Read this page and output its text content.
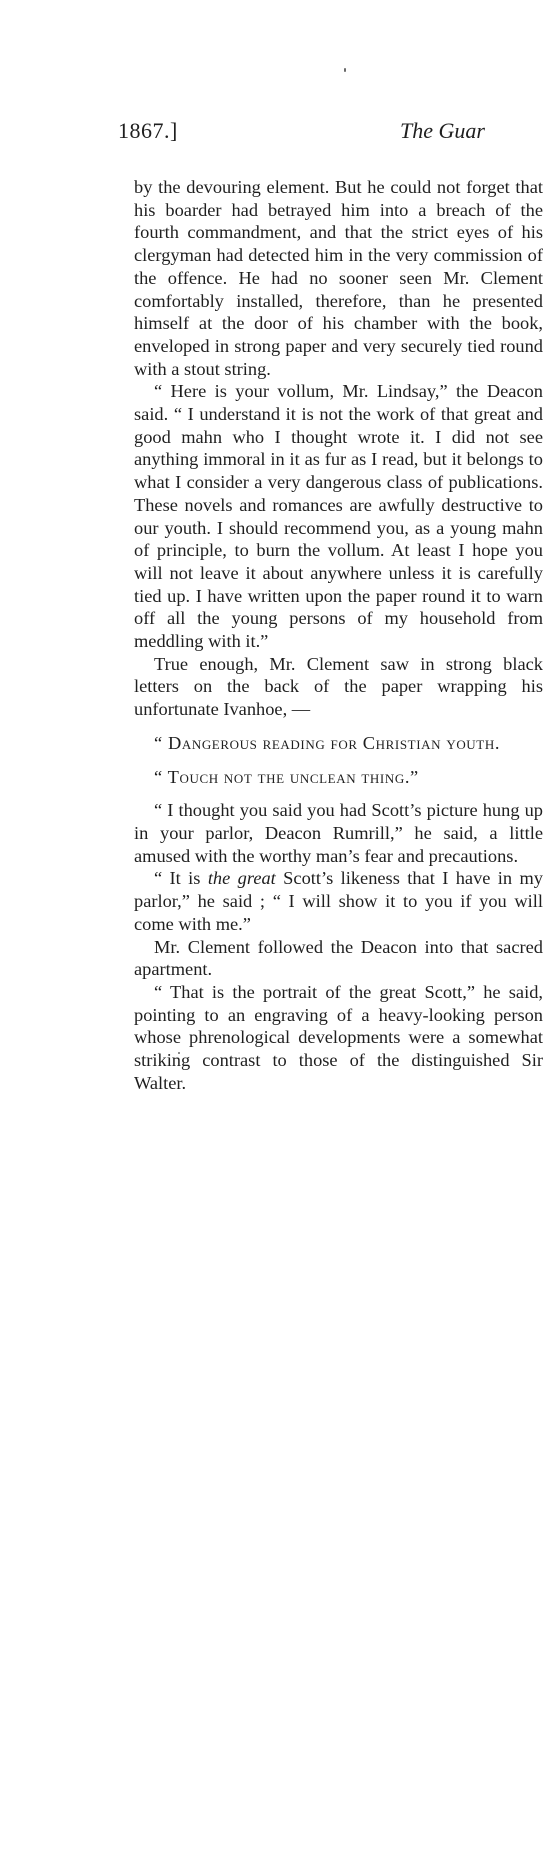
1867.]	The Guar

by the devouring element. But he could not forget that his boarder had betrayed him into a breach of the fourth commandment, and that the strict eyes of his clergyman had detected him in the very commission of the offence. He had no sooner seen Mr. Clement comfortably installed, therefore, than he presented himself at the door of his chamber with the book, enveloped in strong paper and very securely tied round with a stout string.

“ Here is your vollum, Mr. Lindsay,” the Deacon said. “ I understand it is not the work of that great and good mahn who I thought wrote it. I did not see anything immoral in it as fur as I read, but it belongs to what I consider a very dangerous class of publications. These novels and romances are awfully destructive to our youth. I should recommend you, as a young mahn of principle, to burn the vollum. At least I hope you will not leave it about anywhere unless it is carefully tied up. I have written upon the paper round it to warn off all the young persons of my household from meddling with it.”

True enough, Mr. Clement saw in strong black letters on the back of the paper wrapping his unfortunate Ivanhoe, —

“ Dangerous reading for Christian youth.

“ Touch not the unclean thing.”

“ I thought you said you had Scott’s picture hung up in your parlor, Deacon Rumrill,” he said, a little amused with the worthy man’s fear and precautions.

“ It is the great Scott’s likeness that I have in my parlor,” he said ; “ I will show it to you if you will come with me.”

Mr. Clement followed the Deacon into that sacred apartment.

“ That is the portrait of the great Scott,” he said, pointing to an engraving of a heavy-looking person whose phrenological developments were a somewhat striking contrast to those of the distinguished Sir Walter.
